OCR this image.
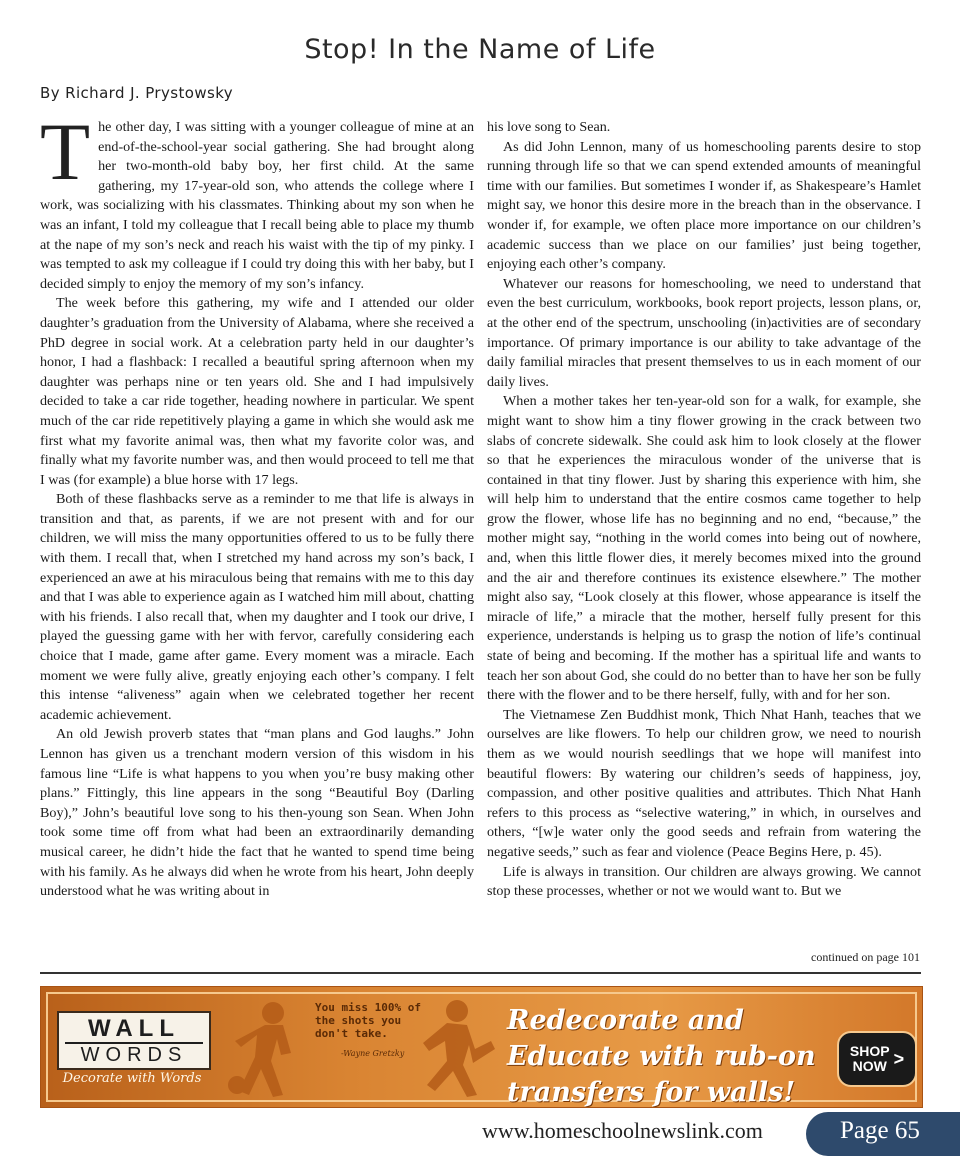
Stop! In the Name of Life
By Richard J. Prystowsky

The other day, I was sitting with a younger colleague of mine at an end-of-the-school-year social gathering. She had brought along her two-month-old baby boy, her first child. At the same gathering, my 17-year-old son, who attends the college where I work, was socializing with his classmates. Thinking about my son when he was an infant, I told my colleague that I recall being able to place my thumb at the nape of my son’s neck and reach his waist with the tip of my pinky. I was tempted to ask my colleague if I could try doing this with her baby, but I decided simply to enjoy the memory of my son’s infancy.

The week before this gathering, my wife and I attended our older daughter’s graduation from the University of Alabama, where she received a PhD degree in social work. At a celebration party held in our daughter’s honor, I had a flashback: I recalled a beautiful spring afternoon when my daughter was perhaps nine or ten years old. She and I had impulsively decided to take a car ride together, heading nowhere in particular. We spent much of the car ride repetitively playing a game in which she would ask me first what my favorite animal was, then what my favorite color was, and finally what my favorite number was, and then would proceed to tell me that I was (for example) a blue horse with 17 legs.

Both of these flashbacks serve as a reminder to me that life is always in transition and that, as parents, if we are not present with and for our children, we will miss the many opportunities offered to us to be fully there with them. I recall that, when I stretched my hand across my son’s back, I experienced an awe at his miraculous being that remains with me to this day and that I was able to experience again as I watched him mill about, chatting with his friends. I also recall that, when my daughter and I took our drive, I played the guessing game with her with fervor, carefully considering each choice that I made, game after game. Every moment was a miracle. Each moment we were fully alive, greatly enjoying each other’s company. I felt this intense “aliveness” again when we celebrated together her recent academic achievement.

An old Jewish proverb states that “man plans and God laughs.” John Lennon has given us a trenchant modern version of this wisdom in his famous line “Life is what happens to you when you’re busy making other plans.” Fittingly, this line appears in the song “Beautiful Boy (Darling Boy),” John’s beautiful love song to his then-young son Sean. When John took some time off from what had been an extraordinarily demanding musical career, he didn’t hide the fact that he wanted to spend time being with his family. As he always did when he wrote from his heart, John deeply understood what he was writing about in

his love song to Sean.

As did John Lennon, many of us homeschooling parents desire to stop running through life so that we can spend extended amounts of meaningful time with our families. But sometimes I wonder if, as Shakespeare’s Hamlet might say, we honor this desire more in the breach than in the observance. I wonder if, for example, we often place more importance on our children’s academic success than we place on our families’ just being together, enjoying each other’s company.

Whatever our reasons for homeschooling, we need to understand that even the best curriculum, workbooks, book report projects, lesson plans, or, at the other end of the spectrum, unschooling (in)activities are of secondary importance. Of primary importance is our ability to take advantage of the daily familial miracles that present themselves to us in each moment of our daily lives.

When a mother takes her ten-year-old son for a walk, for example, she might want to show him a tiny flower growing in the crack between two slabs of concrete sidewalk. She could ask him to look closely at the flower so that he experiences the miraculous wonder of the universe that is contained in that tiny flower. Just by sharing this experience with him, she will help him to understand that the entire cosmos came together to help grow the flower, whose life has no beginning and no end, “because,” the mother might say, “nothing in the world comes into being out of nowhere, and, when this little flower dies, it merely becomes mixed into the ground and the air and therefore continues its existence elsewhere.” The mother might also say, “Look closely at this flower, whose appearance is itself the miracle of life,” a miracle that the mother, herself fully present for this experience, understands is helping us to grasp the notion of life’s continual state of being and becoming. If the mother has a spiritual life and wants to teach her son about God, she could do no better than to have her son be fully there with the flower and to be there herself, fully, with and for her son.

The Vietnamese Zen Buddhist monk, Thich Nhat Hanh, teaches that we ourselves are like flowers. To help our children grow, we need to nourish them as we would nourish seedlings that we hope will manifest into beautiful flowers: By watering our children’s seeds of happiness, joy, compassion, and other positive qualities and attributes. Thich Nhat Hanh refers to this process as “selective watering,” in which, in ourselves and others, “[w]e water only the good seeds and refrain from watering the negative seeds,” such as fear and violence (Peace Begins Here, p. 45).

Life is always in transition. Our children are always growing. We cannot stop these processes, whether or not we would want to. But we

continued on page 101
WALL
WORDS
Decorate with Words
You miss 100% of the shots you don't take.
-Wayne Gretzky
Redecorate and Educate with rub-on transfers for walls!
SHOP
NOW >
www.homeschoolnewslink.com	Page 65
